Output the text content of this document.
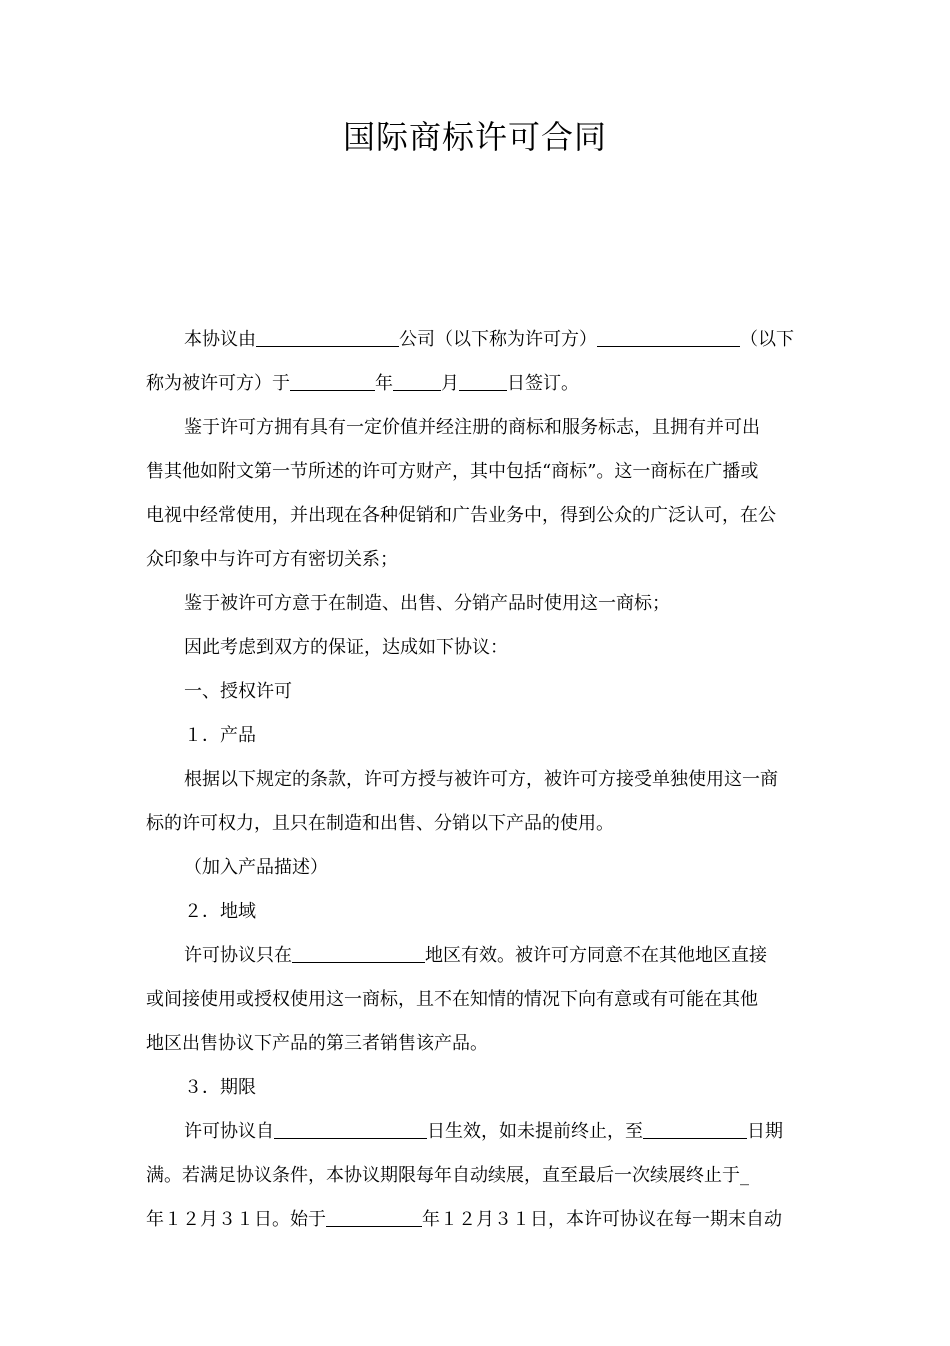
国际商标许可合同
本协议由	公司（以下称为许可方）	（以下
称为被许可方）于	年	月	日签订。
鉴于许可方拥有具有一定价值并经注册的商标和服务标志，且拥有并可出
售其他如附文第一节所述的许可方财产，其中包括“商标”。这一商标在广播或
电视中经常使用，并出现在各种促销和广告业务中，得到公众的广泛认可，在公
众印象中与许可方有密切关系；
鉴于被许可方意于在制造、出售、分销产品时使用这一商标；
因此考虑到双方的保证，达成如下协议：
一、授权许可
１．产品
根据以下规定的条款，许可方授与被许可方，被许可方接受单独使用这一商
标的许可权力，且只在制造和出售、分销以下产品的使用。
（加入产品描述）
２．地域
许可协议只在	地区有效。被许可方同意不在其他地区直接
或间接使用或授权使用这一商标，且不在知情的情况下向有意或有可能在其他
地区出售协议下产品的第三者销售该产品。
３．期限
许可协议自	日生效，如未提前终止，至	日期
满。若满足协议条件，本协议期限每年自动续展，直至最后一次续展终止于_
年１２月３１日。始于	年１２月３１日，本许可协议在每一期末自动
